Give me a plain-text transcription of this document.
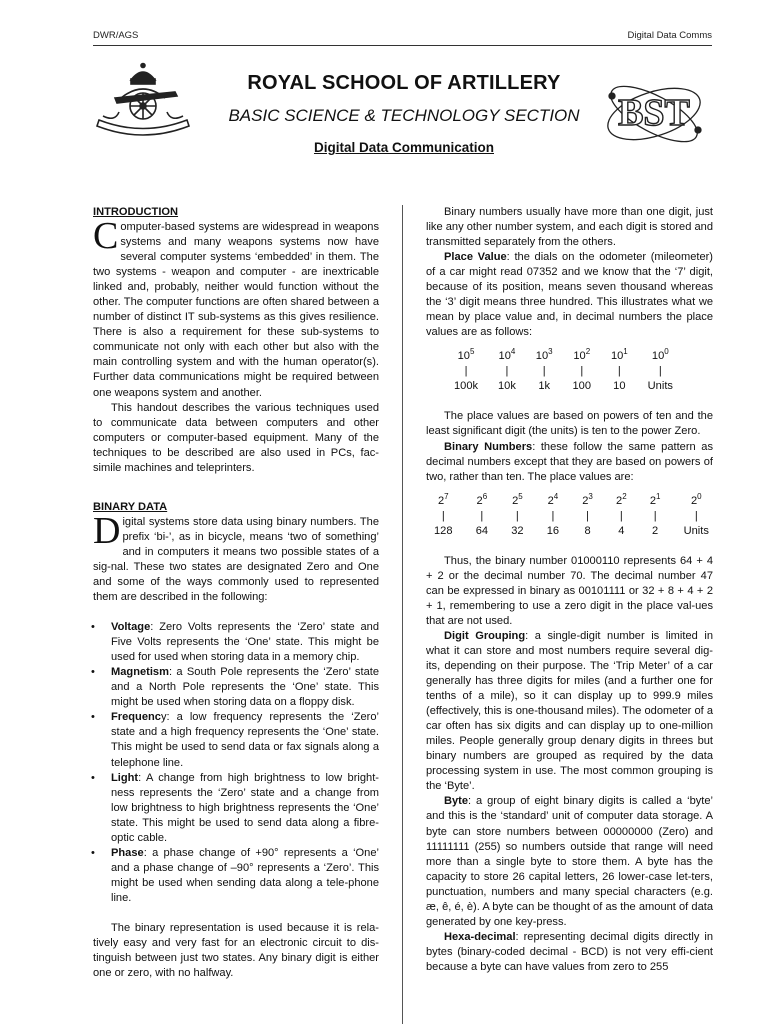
DWR/AGS	Digital Data Comms
ROYAL SCHOOL OF ARTILLERY
BASIC SCIENCE & TECHNOLOGY SECTION
Digital Data Communication
BST
INTRODUCTION

Computer-based systems are widespread in weapons systems and many weapons systems now have several computer systems ‘embedded’ in them. The two systems - weapon and computer - are inextricable linked and, probably, neither would function without the other. The computer functions are often shared between a number of distinct IT sub-systems as this gives resilience. There is also a requirement for these sub-systems to communicate not only with each other but also with the main controlling system and with the human operator(s). Further data communications might be required between one weapons system and another.

This handout describes the various techniques used to communicate data between computers and other computers or computer-based equipment. Many of the techniques to be described are also used in PCs, fac-simile machines and teleprinters.

BINARY DATA

Digital systems store data using binary numbers. The prefix ‘bi-’, as in bicycle, means ‘two of something’ and in computers it means two possible states of a sig-nal. These two states are designated Zero and One and some of the ways commonly used to represented them are described in the following:

• Voltage: Zero Volts represents the ‘Zero’ state and Five Volts represents the ‘One’ state. This might be used for used when storing data in a memory chip.
• Magnetism: a South Pole represents the ‘Zero’ state and a North Pole represents the ‘One’ state. This might be used when storing data on a floppy disk.
• Frequency: a low frequency represents the ‘Zero’ state and a high frequency represents the ‘One’ state. This might be used to send data or fax signals along a telephone line.
• Light: A change from high brightness to low bright-ness represents the ‘Zero’ state and a change from low brightness to high brightness represents the ‘One’ state. This might be used to send data along a fibre-optic cable.
• Phase: a phase change of +90° represents a ‘One’ and a phase change of –90° represents a ‘Zero’. This might be used when sending data along a tele-phone line.

The binary representation is used because it is rela-tively easy and very fast for an electronic circuit to dis-tinguish between just two states. Any binary digit is either one or zero, with no halfway.

Binary numbers usually have more than one digit, just like any other number system, and each digit is stored and transmitted separately from the others.

Place Value: the dials on the odometer (mileometer) of a car might read 07352 and we know that the ‘7’ digit, because of its position, means seven thousand whereas the ‘3’ digit means three hundred. This illustrates what we mean by place value and, in decimal numbers the place values are as follows:

$10^5$
|
100k
$10^4$
|
10k
$10^3$
|
1k
$10^2$
|
100
$10^1$
|
10
$10^0$
|
Units

The place values are based on powers of ten and the least significant digit (the units) is ten to the power Zero.

Binary Numbers: these follow the same pattern as decimal numbers except that they are based on powers of two, rather than ten. The place values are:

$2^7$
|
128
$2^6$
|
64
$2^5$
|
32
$2^4$
|
16
$2^3$
|
8
$2^2$
|
4
$2^1$
|
2
$2^0$
|
Units

Thus, the binary number 01000110 represents 64 + 4 + 2 or the decimal number 70. The decimal number 47 can be expressed in binary as 00101111 or 32 + 8 + 4 + 2 + 1, remembering to use a zero digit in the place val-ues that are not used.

Digit Grouping: a single-digit number is limited in what it can store and most numbers require several dig-its, depending on their purpose. The ‘Trip Meter’ of a car generally has three digits for miles (and a further one for tenths of a mile), so it can display up to 999.9 miles (effectively, this is one-thousand miles). The odometer of a car often has six digits and can display up to one-million miles. People generally group denary digits in threes but binary numbers are grouped as required by the data processing system in use. The most common grouping is the ‘Byte’.

Byte: a group of eight binary digits is called a ‘byte’ and this is the ‘standard’ unit of computer data storage. A byte can store numbers between 00000000 (Zero) and 11111111 (255) so numbers outside that range will need more than a single byte to store them. A byte has the capacity to store 26 capital letters, 26 lower-case let-ters, punctuation, numbers and many special characters (e.g. æ, ê, é, è). A byte can be thought of as the amount of data generated by one key-press.

Hexa-decimal: representing decimal digits directly in bytes (binary-coded decimal - BCD) is not very effi-cient because a byte can have values from zero to 255
